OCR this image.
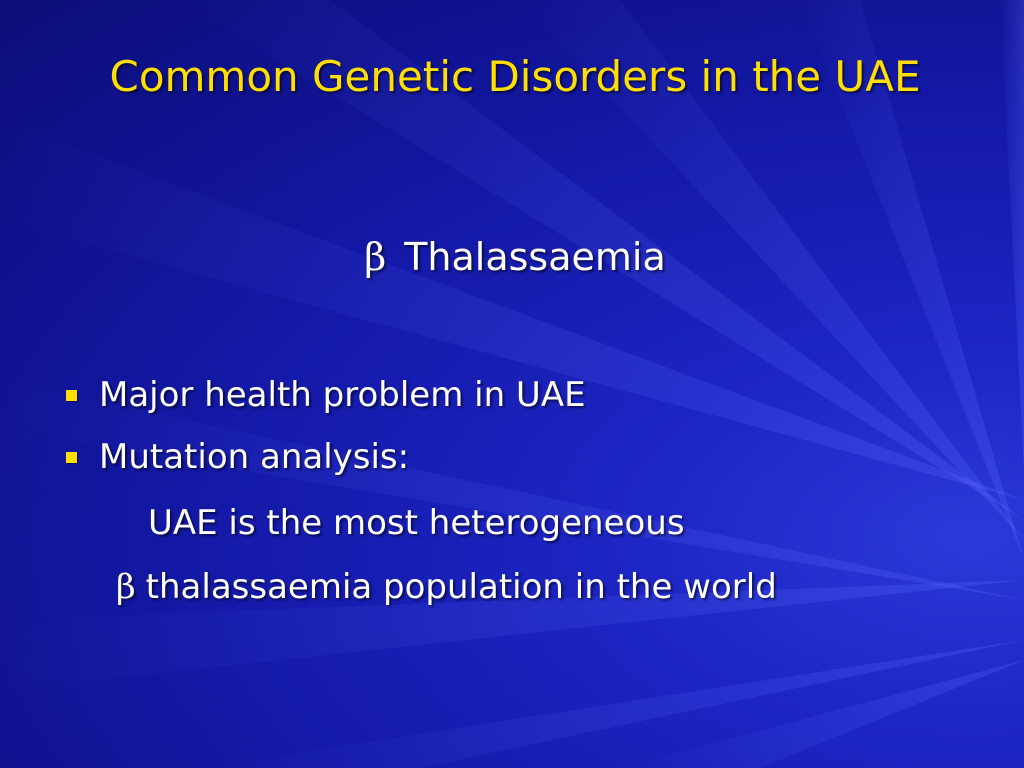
Common Genetic Disorders in the UAE
β Thalassaemia
Major health problem in UAE
Mutation analysis:
UAE is the most heterogeneous
β thalassaemia population in the world
